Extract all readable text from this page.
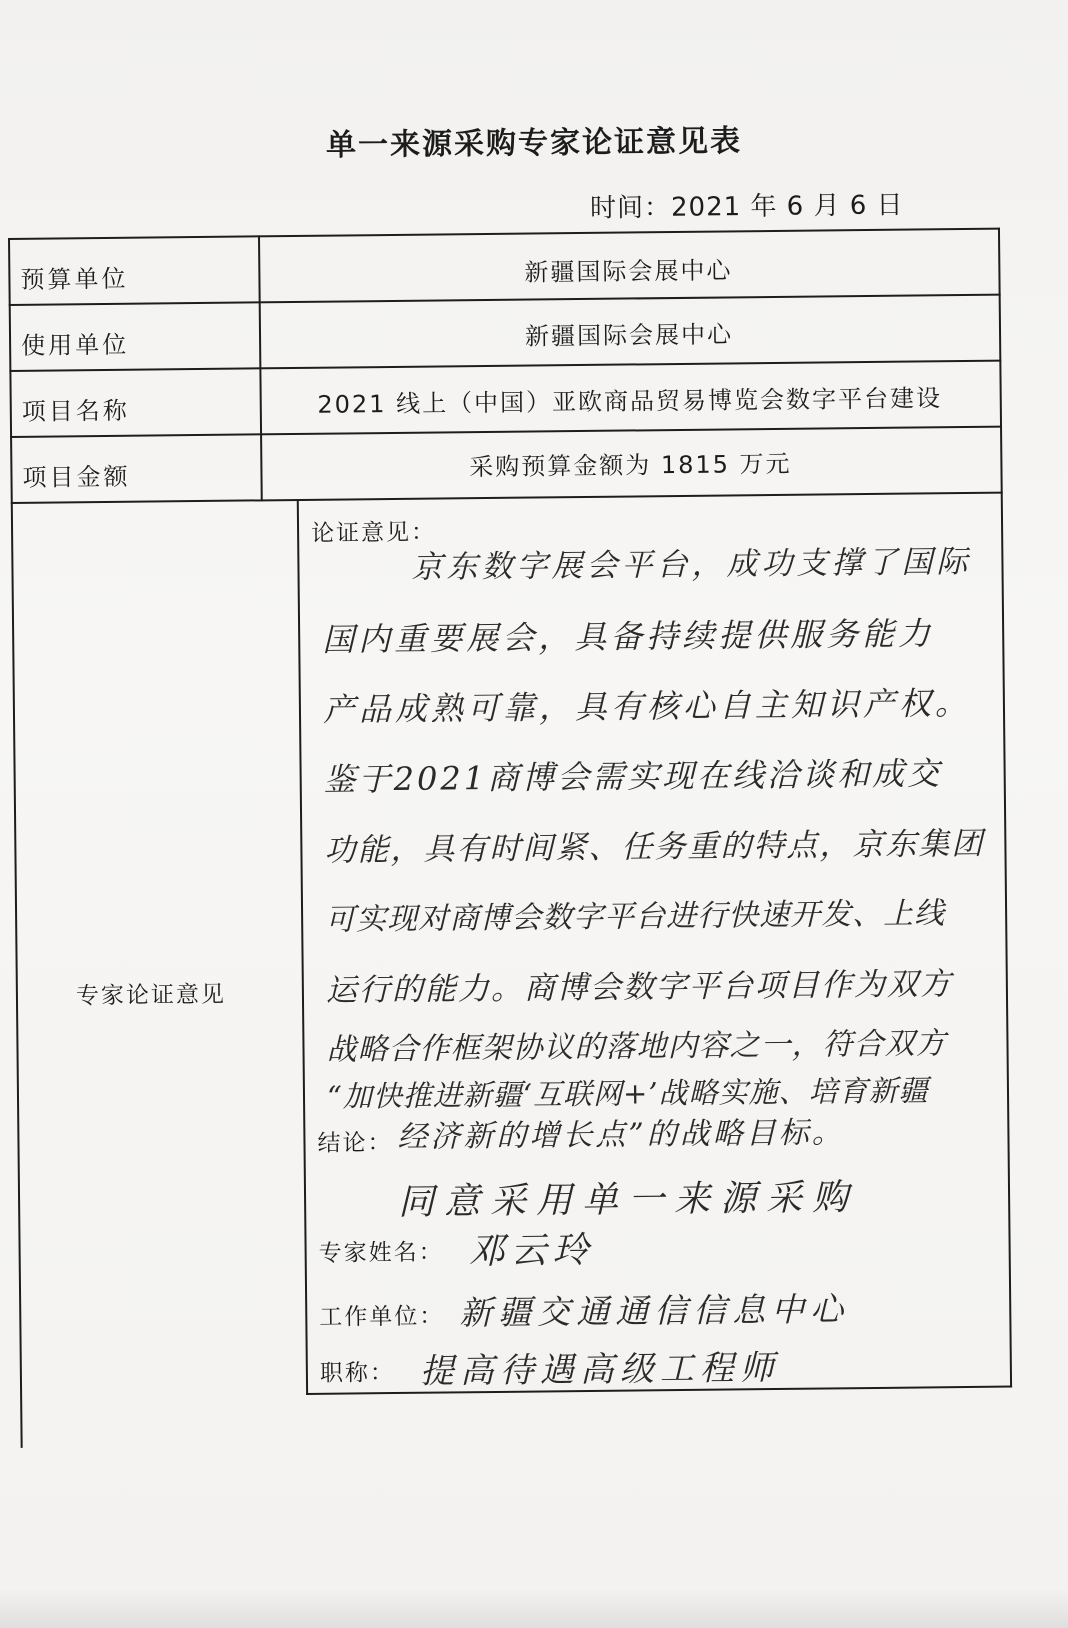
单一来源采购专家论证意见表
时间：2021 年 6 月 6 日
预算单位	新疆国际会展中心
使用单位	新疆国际会展中心
项目名称	2021 线上（中国）亚欧商品贸易博览会数字平台建设
项目金额	采购预算金额为 1815 万元
专家论证意见
论证意见：
京东数字展会平台，成功支撑了国际
国内重要展会，具备持续提供服务能力
产品成熟可靠，具有核心自主知识产权。
鉴于2021商博会需实现在线洽谈和成交
功能，具有时间紧、任务重的特点，京东集团
可实现对商博会数字平台进行快速开发、上线
运行的能力。商博会数字平台项目作为双方
战略合作框架协议的落地内容之一，符合双方
“加快推进新疆‘互联网+’战略实施、培育新疆
结论： 经济新的增长点”的战略目标。
同意采用单一来源采购
专家姓名： 邓云玲
工作单位： 新疆交通通信信息中心
职称： 提高待遇高级工程师
